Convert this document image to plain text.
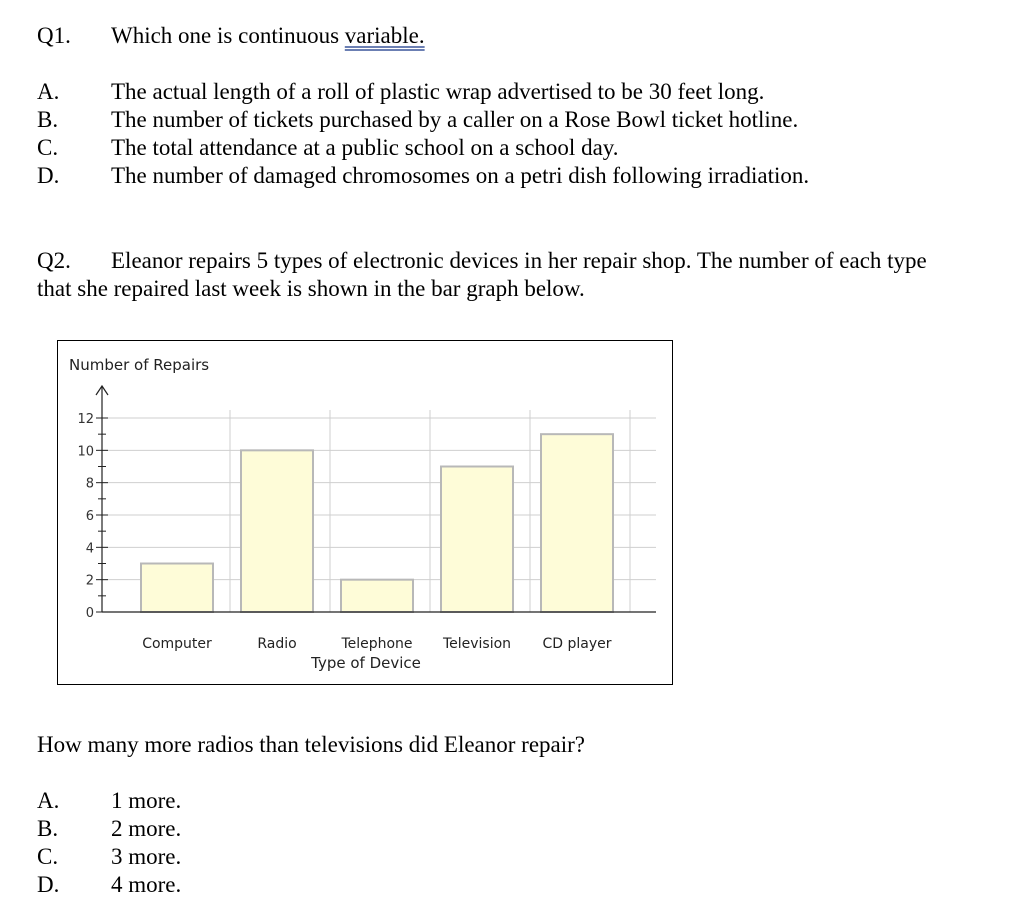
Q1. Which one is continuous variable.
A. The actual length of a roll of plastic wrap advertised to be 30 feet long.
B. The number of tickets purchased by a caller on a Rose Bowl ticket hotline.
C. The total attendance at a public school on a school day.
D. The number of damaged chromosomes on a petri dish following irradiation.
Q2. Eleanor repairs 5 types of electronic devices in her repair shop. The number of each type
that she repaired last week is shown in the bar graph below.
Number of Repairs
Type of Device
0
2
4
6
8
10
12
Computer	Radio	Telephone Television CD player
How many more radios than televisions did Eleanor repair?
A. 1 more.
B. 2 more.
C. 3 more.
D. 4 more.
